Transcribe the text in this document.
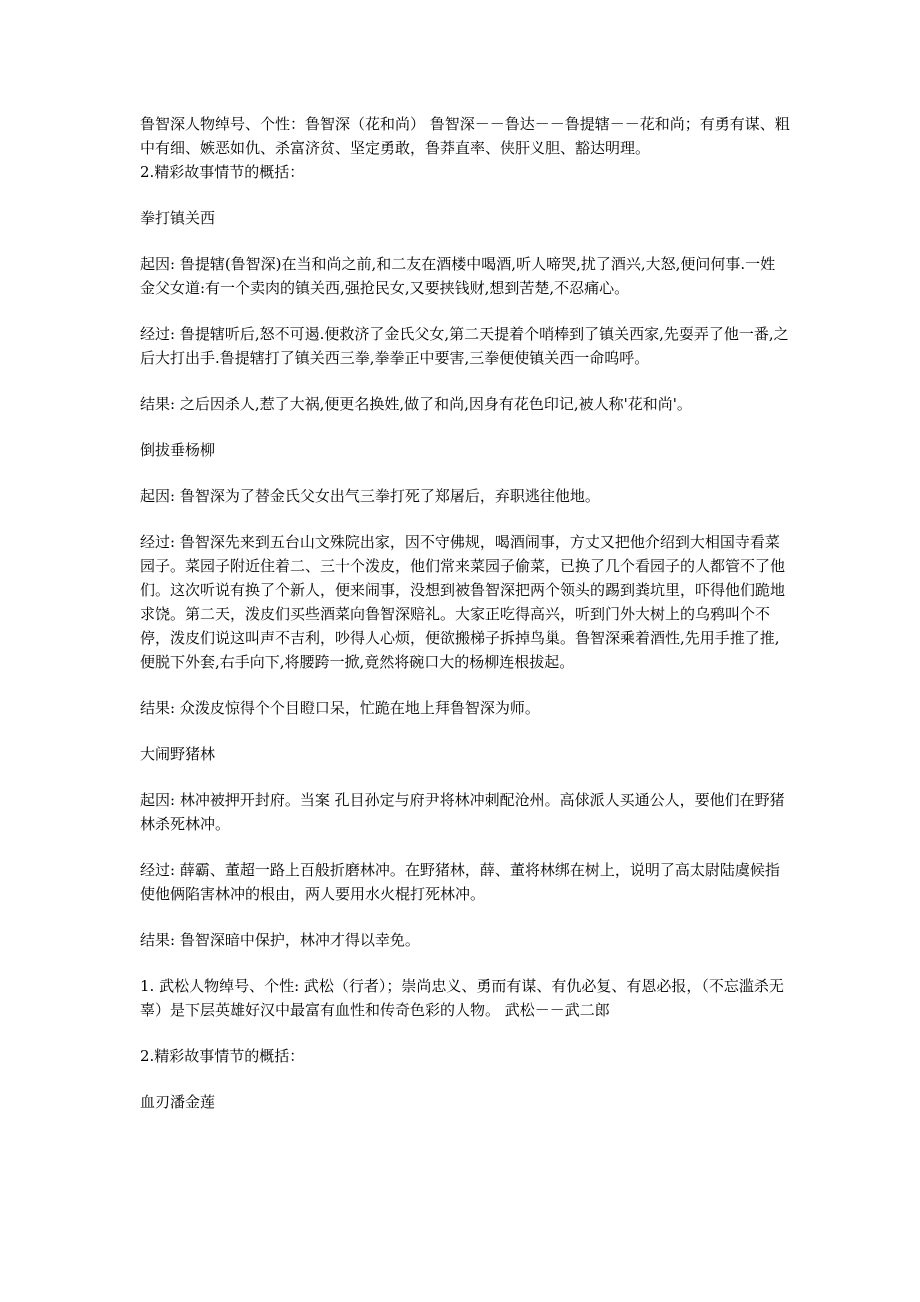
鲁智深人物绰号、个性：鲁智深（花和尚） 鲁智深－－鲁达－－鲁提辖－－花和尚；有勇有谋、粗中有细、嫉恶如仇、杀富济贫、坚定勇敢，鲁莽直率、侠肝义胆、豁达明理。

2.精彩故事情节的概括：

拳打镇关西

起因: 鲁提辖(鲁智深)在当和尚之前,和二友在酒楼中喝酒,听人啼哭,扰了酒兴,大怒,便问何事.一姓金父女道:有一个卖肉的镇关西,强抢民女,又要挟钱财,想到苦楚,不忍痛心。

经过: 鲁提辖听后,怒不可遏.便救济了金氏父女,第二天提着个哨棒到了镇关西家,先耍弄了他一番,之后大打出手.鲁提辖打了镇关西三拳,拳拳正中要害,三拳便使镇关西一命呜呼。

结果: 之后因杀人,惹了大祸,便更名换姓,做了和尚,因身有花色印记,被人称'花和尚'。

倒拔垂杨柳

起因: 鲁智深为了替金氏父女出气三拳打死了郑屠后，弃职逃往他地。

经过: 鲁智深先来到五台山文殊院出家，因不守佛规，喝酒闹事，方丈又把他介绍到大相国寺看菜园子。菜园子附近住着二、三十个泼皮，他们常来菜园子偷菜，已换了几个看园子的人都管不了他们。这次听说有换了个新人，便来闹事，没想到被鲁智深把两个领头的踢到粪坑里，吓得他们跪地求饶。第二天，泼皮们买些酒菜向鲁智深赔礼。大家正吃得高兴，听到门外大树上的乌鸦叫个不停，泼皮们说这叫声不吉利，吵得人心烦，便欲搬梯子拆掉鸟巢。鲁智深乘着酒性,先用手推了推,便脱下外套,右手向下,将腰跨一掀,竟然将碗口大的杨柳连根拔起。

结果: 众泼皮惊得个个目瞪口呆，忙跪在地上拜鲁智深为师。

大闹野猪林

起因: 林冲被押开封府。当案 孔目孙定与府尹将林冲刺配沧州。高俅派人买通公人，要他们在野猪林杀死林冲。

经过: 薛霸、董超一路上百般折磨林冲。在野猪林，薛、董将林绑在树上，说明了高太尉陆虞候指使他俩陷害林冲的根由，两人要用水火棍打死林冲。

结果: 鲁智深暗中保护，林冲才得以幸免。

1. 武松人物绰号、个性: 武松（行者）；崇尚忠义、勇而有谋、有仇必复、有恩必报，（不忘滥杀无辜）是下层英雄好汉中最富有血性和传奇色彩的人物。 武松－－武二郎

2.精彩故事情节的概括：

血刃潘金莲
